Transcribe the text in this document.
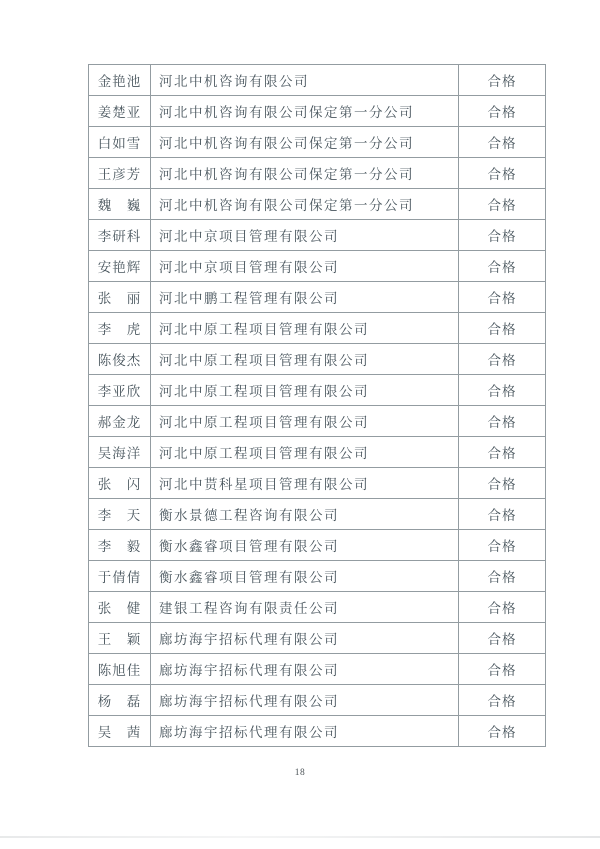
金艳池	河北中机咨询有限公司	合格
姜楚亚	河北中机咨询有限公司保定第一分公司	合格
白如雪	河北中机咨询有限公司保定第一分公司	合格
王彦芳	河北中机咨询有限公司保定第一分公司	合格
魏　巍	河北中机咨询有限公司保定第一分公司	合格
李研科	河北中京项目管理有限公司	合格
安艳辉	河北中京项目管理有限公司	合格
张　丽	河北中鹏工程管理有限公司	合格
李　虎	河北中原工程项目管理有限公司	合格
陈俊杰	河北中原工程项目管理有限公司	合格
李亚欣	河北中原工程项目管理有限公司	合格
郝金龙	河北中原工程项目管理有限公司	合格
吴海洋	河北中原工程项目管理有限公司	合格
张　闪	河北中贳科星项目管理有限公司	合格
李　天	衡水景德工程咨询有限公司	合格
李　毅	衡水鑫睿项目管理有限公司	合格
于倩倩	衡水鑫睿项目管理有限公司	合格
张　健	建银工程咨询有限责任公司	合格
王　颖	廊坊海宇招标代理有限公司	合格
陈旭佳	廊坊海宇招标代理有限公司	合格
杨　磊	廊坊海宇招标代理有限公司	合格
吴　茜	廊坊海宇招标代理有限公司	合格
18
